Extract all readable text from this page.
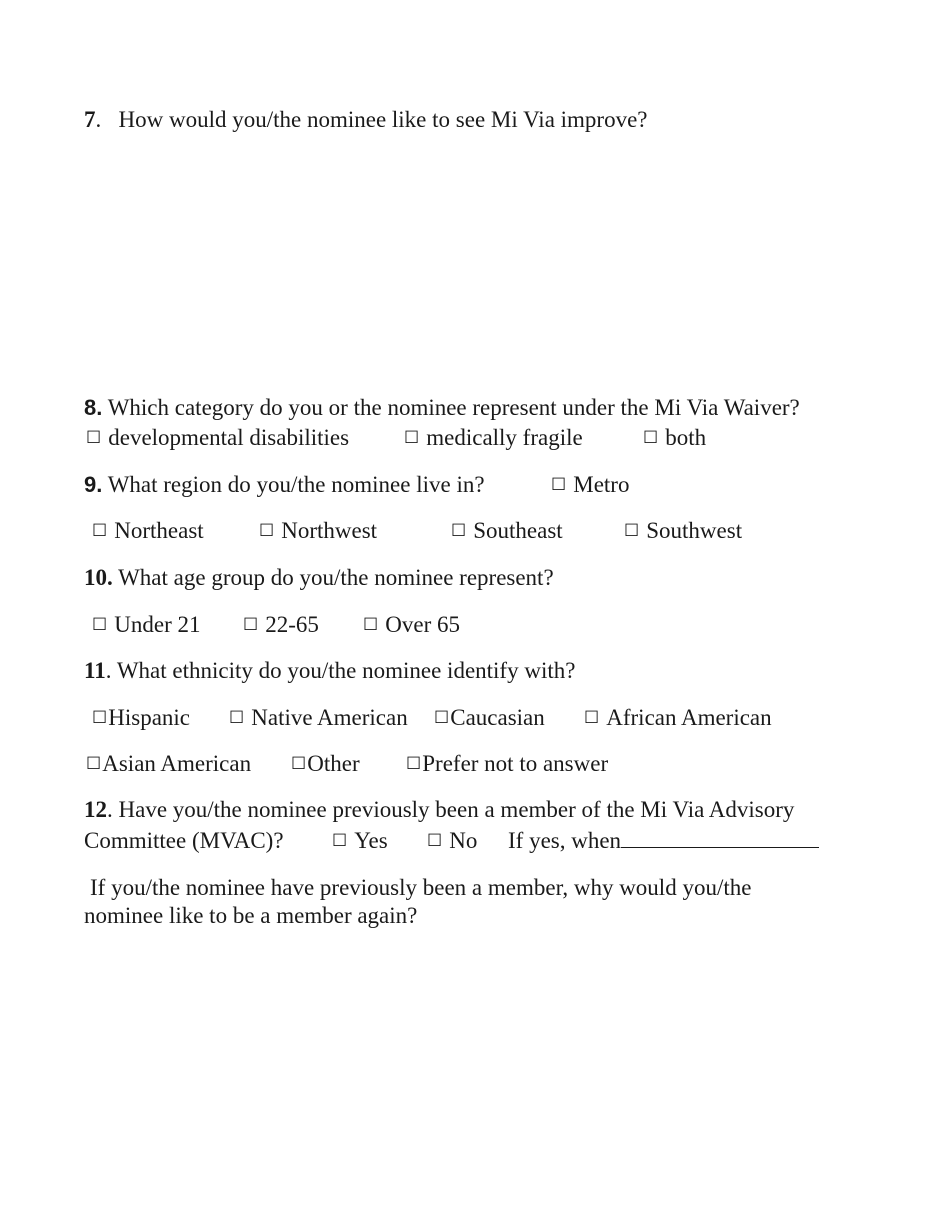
7.   How would you/the nominee like to see Mi Via improve?
8. Which category do you or the nominee represent under the Mi Via Waiver?
☐ developmental disabilities	☐ medically fragile	☐ both
9. What region do you/the nominee live in?	☐ Metro
☐ Northeast	☐ Northwest	☐ Southeast	☐ Southwest
10. What age group do you/the nominee represent?
☐ Under 21	☐ 22-65	☐ Over 65
11. What ethnicity do you/the nominee identify with?
☐Hispanic ☐ Native American ☐Caucasian ☐ African American
☐Asian American ☐Other	☐Prefer not to answer
12. Have you/the nominee previously been a member of the Mi Via Advisory
Committee (MVAC)?	☐ Yes ☐ No If yes, when
If you/the nominee have previously been a member, why would you/the
nominee like to be a member again?
